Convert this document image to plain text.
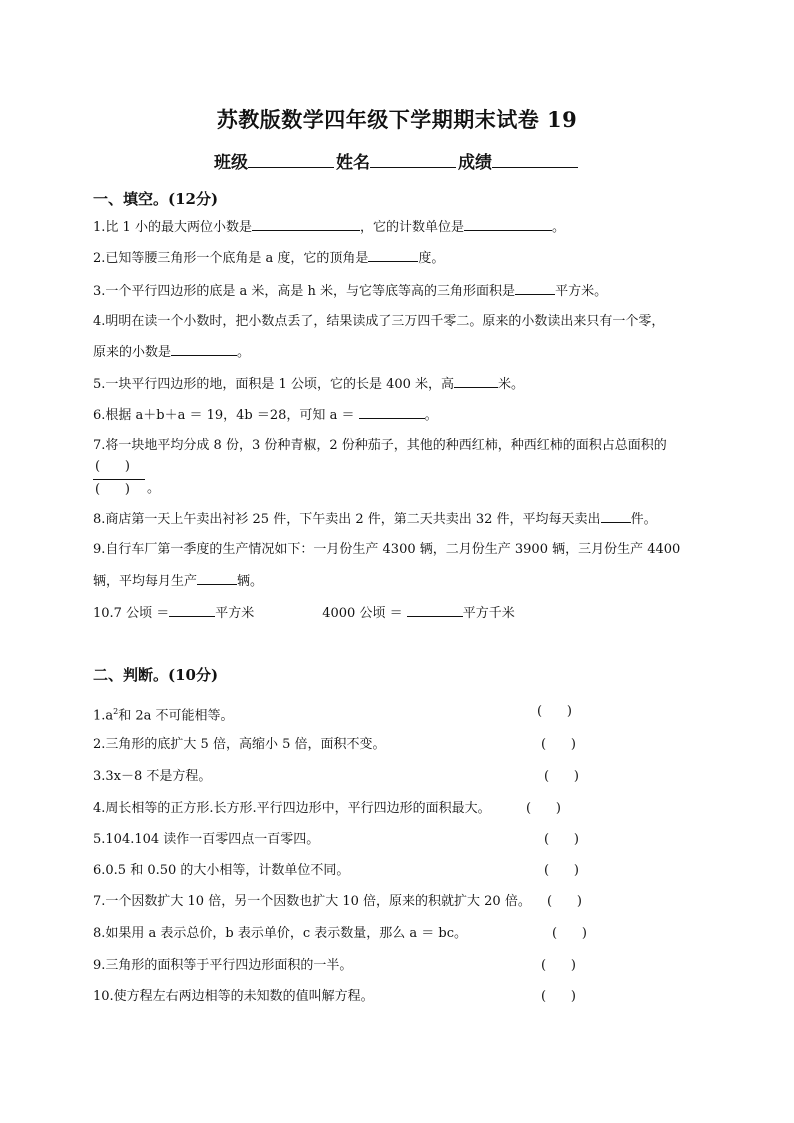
苏教版数学四年级下学期期末试卷 19
班级	姓名	成绩
一、填空。(12分)
1.比 1 小的最大两位小数是	，它的计数单位是	。
2.已知等腰三角形一个底角是 a 度，它的顶角是	度。
3.一个平行四边形的底是 a 米，高是 h 米，与它等底等高的三角形面积是	平方米。
4.明明在读一个小数时，把小数点丢了，结果读成了三万四千零二。原来的小数读出来只有一个零，
原来的小数是	。
5.一块平行四边形的地，面积是 1 公顷，它的长是 400 米，高	米。
6.根据 a＋b＋a ＝ 19，4b ＝28，可知 a ＝	。
7.将一块地平均分成 8 份，3 份种青椒，2 份种茄子，其他的种西红柿，种西红柿的面积占总面积的
(      )
(      ) 。
8.商店第一天上午卖出衬衫 25 件，下午卖出 2 件，第二天共卖出 32 件，平均每天卖出 件。
9.自行车厂第一季度的生产情况如下：一月份生产 4300 辆，二月份生产 3900 辆，三月份生产 4400
辆，平均每月生产	辆。
10.7 公顷 ＝	平方米	4000 公顷 ＝	平方千米
二、判断。(10分)
$1.a^2$和 2a 不可能相等。	(      )
2.三角形的底扩大 5 倍，高缩小 5 倍，面积不变。	(      )
3.3x－8 不是方程。	(      )
4.周长相等的正方形.长方形.平行四边形中，平行四边形的面积最大。	(      )
5.104.104 读作一百零四点一百零四。	(      )
6.0.5 和 0.50 的大小相等，计数单位不同。	(      )
7.一个因数扩大 10 倍，另一个因数也扩大 10 倍，原来的积就扩大 20 倍。 (      )
8.如果用 a 表示总价，b 表示单价，c 表示数量，那么 a ＝ bc。	(      )
9.三角形的面积等于平行四边形面积的一半。	(      )
10.使方程左右两边相等的未知数的值叫解方程。	(      )
